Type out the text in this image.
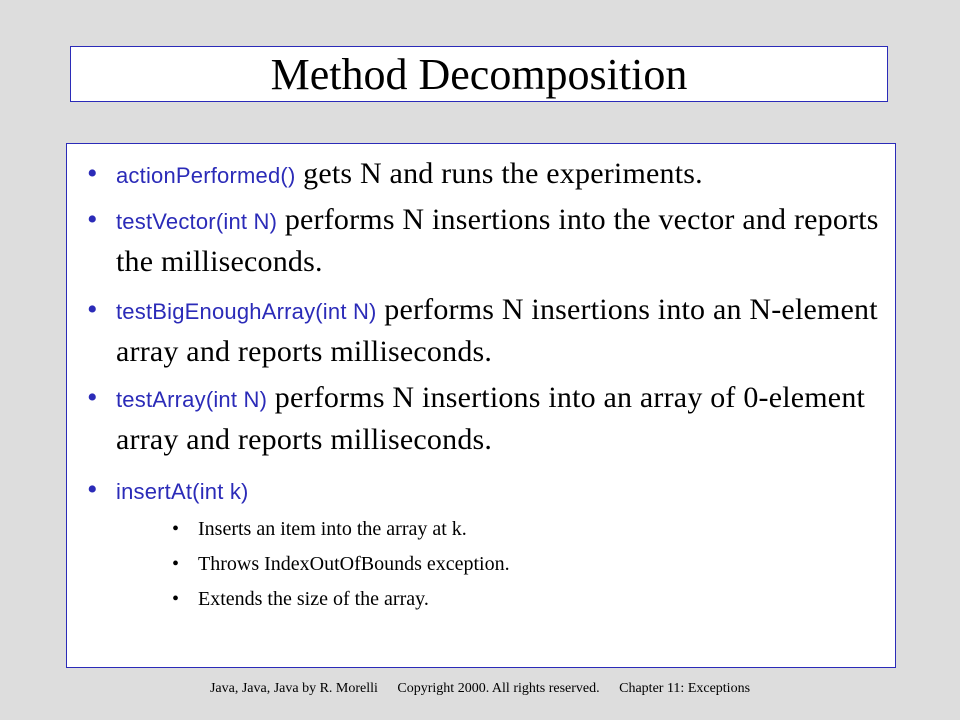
Method Decomposition
• actionPerformed() gets N and runs the experiments.
• testVector(int N) performs N insertions into the vector and reports the milliseconds.
• testBigEnoughArray(int N) performs N insertions into an N-element array and reports milliseconds.
• testArray(int N) performs N insertions into an array of 0-element array and reports milliseconds.
• insertAt(int k)
• Inserts an item into the array at k.
• Throws IndexOutOfBounds exception.
• Extends the size of the array.
Java, Java, Java by R. Morelli Copyright 2000. All rights reserved. Chapter 11: Exceptions
